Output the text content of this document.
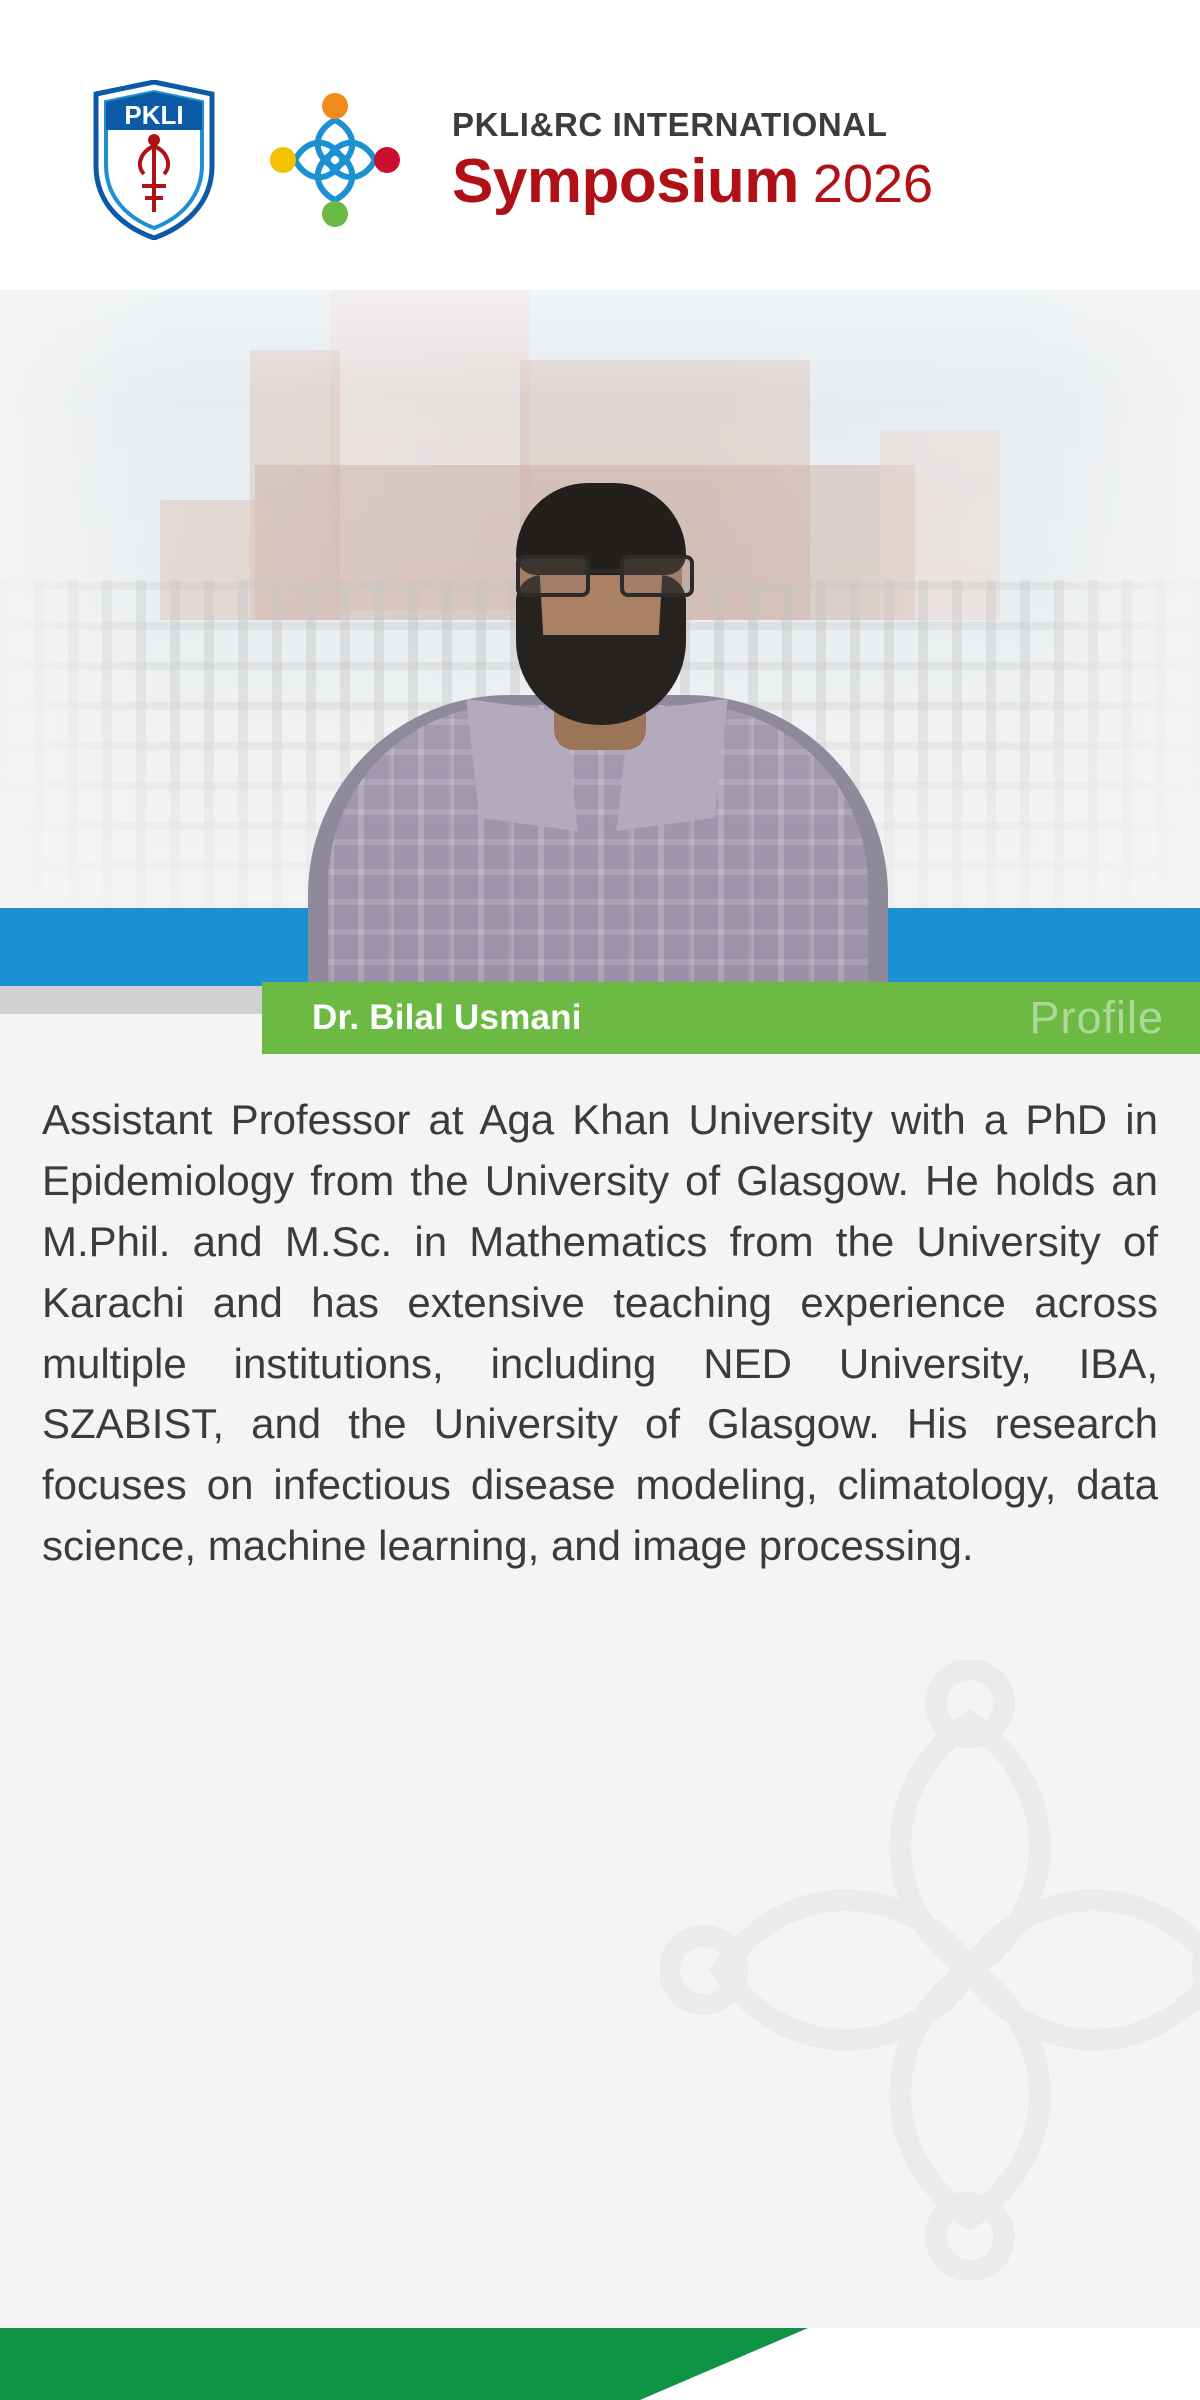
PKLI	PKLI&RC INTERNATIONAL
Symposium 2026
Dr. Bilal Usmani	Profile
Assistant Professor at Aga Khan University with a PhD in Epidemiology from the University of Glasgow. He holds an M.Phil. and M.Sc. in Mathematics from the University of Karachi and has extensive teaching experience across multiple institutions, including NED University, IBA, SZABIST, and the University of Glasgow. His research focuses on infectious disease modeling, climatology, data science, machine learning, and image processing.
